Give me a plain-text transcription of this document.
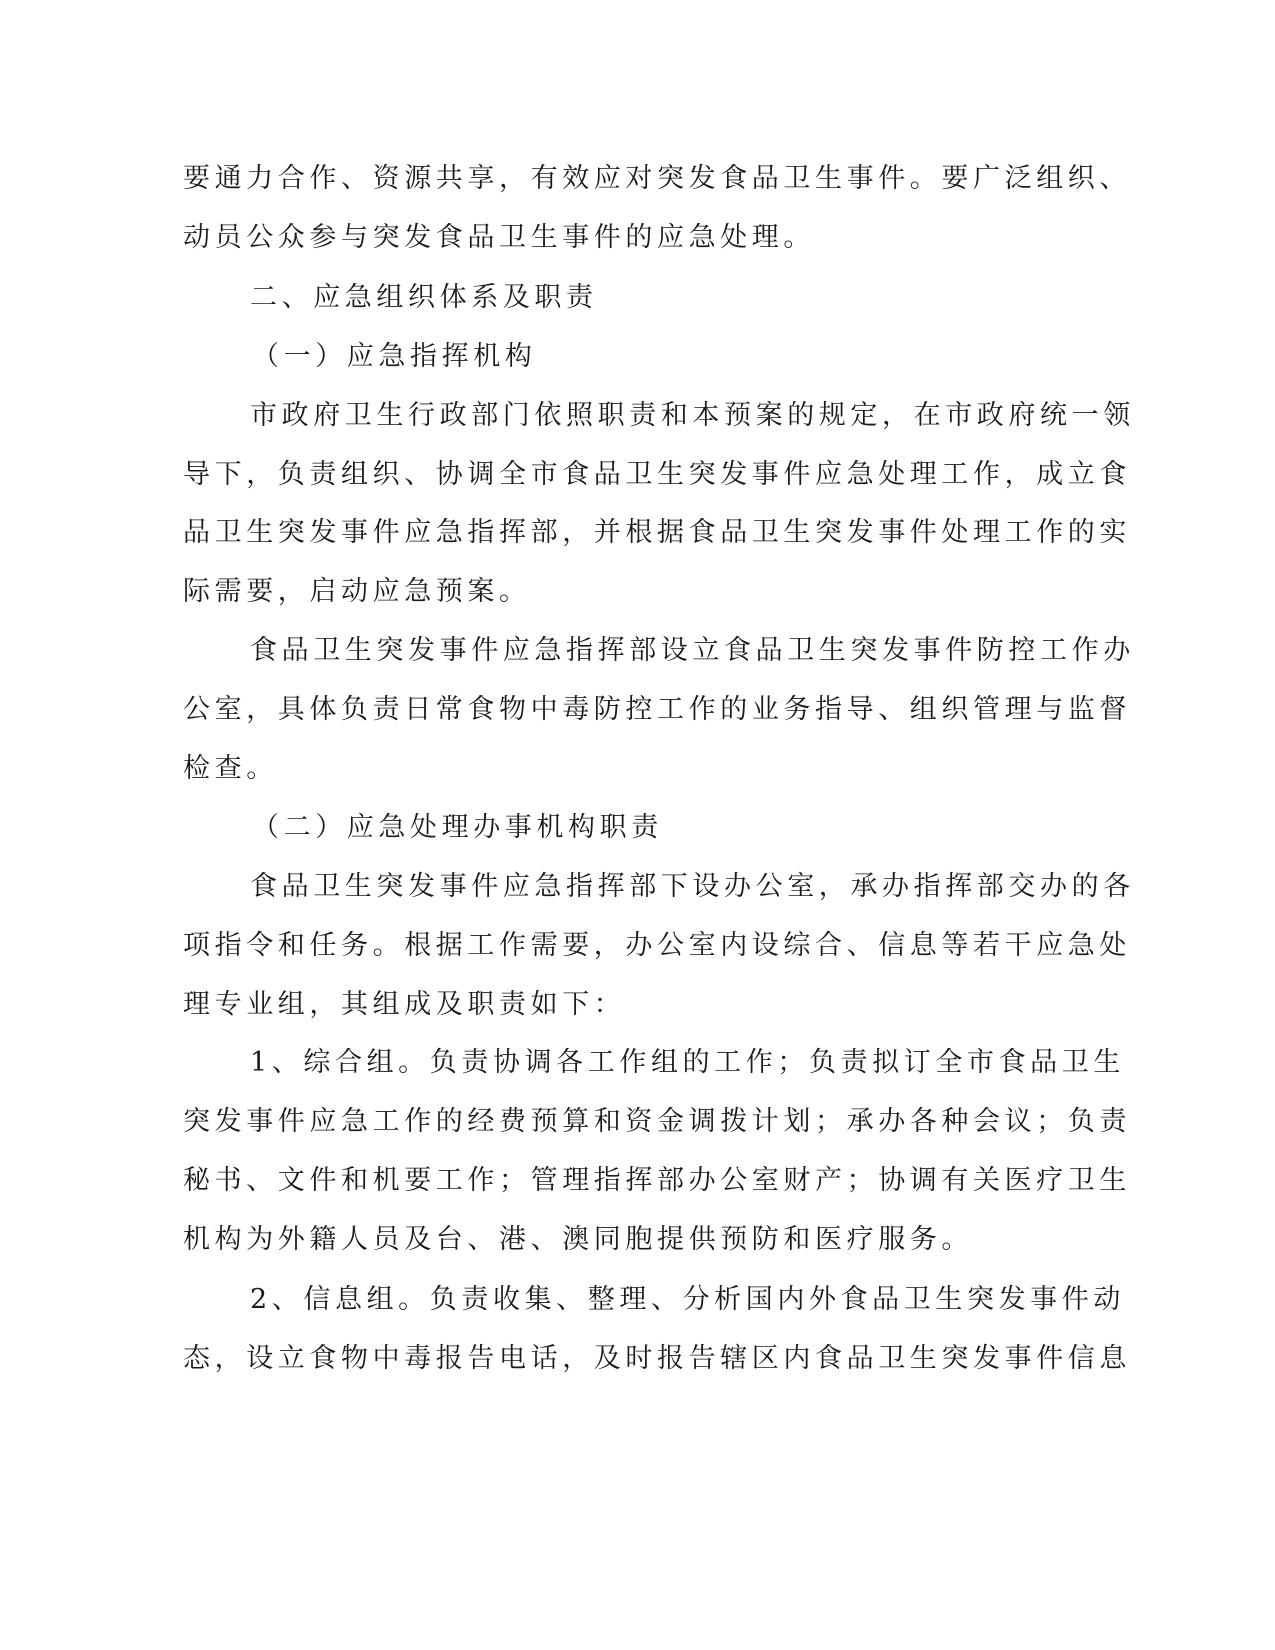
要通力合作、资源共享，有效应对突发食品卫生事件。要广泛组织、
动员公众参与突发食品卫生事件的应急处理。
二、应急组织体系及职责
（一）应急指挥机构
市政府卫生行政部门依照职责和本预案的规定，在市政府统一领
导下，负责组织、协调全市食品卫生突发事件应急处理工作，成立食
品卫生突发事件应急指挥部，并根据食品卫生突发事件处理工作的实
际需要，启动应急预案。
食品卫生突发事件应急指挥部设立食品卫生突发事件防控工作办
公室，具体负责日常食物中毒防控工作的业务指导、组织管理与监督
检查。
（二）应急处理办事机构职责
食品卫生突发事件应急指挥部下设办公室，承办指挥部交办的各
项指令和任务。根据工作需要，办公室内设综合、信息等若干应急处
理专业组，其组成及职责如下：
1、综合组。负责协调各工作组的工作；负责拟订全市食品卫生
突发事件应急工作的经费预算和资金调拨计划；承办各种会议；负责
秘书、文件和机要工作；管理指挥部办公室财产；协调有关医疗卫生
机构为外籍人员及台、港、澳同胞提供预防和医疗服务。
2、信息组。负责收集、整理、分析国内外食品卫生突发事件动
态，设立食物中毒报告电话，及时报告辖区内食品卫生突发事件信息
